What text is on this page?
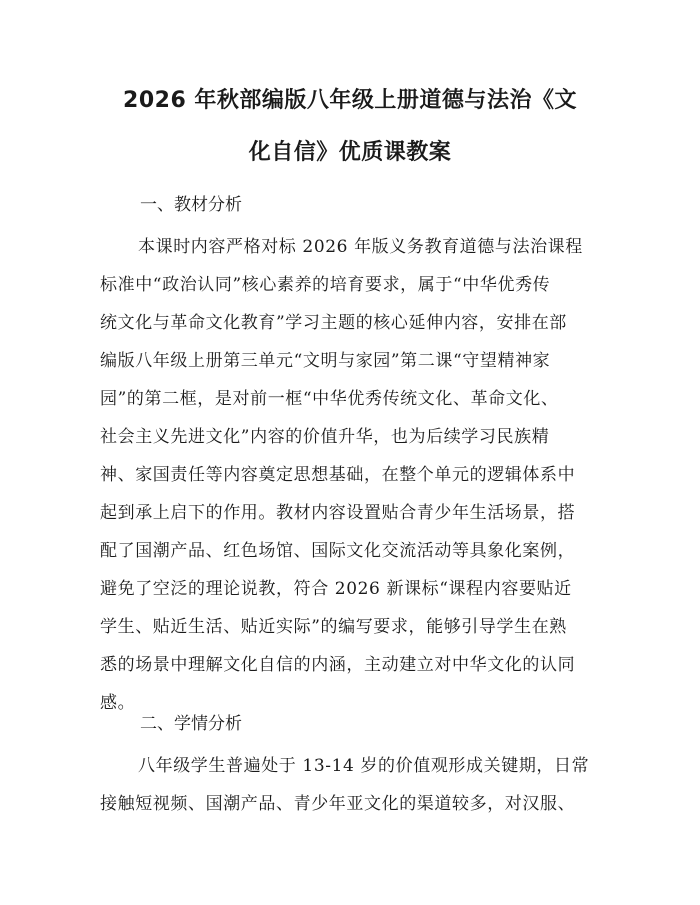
2026 年秋部编版八年级上册道德与法治《文
化自信》优质课教案
一、教材分析
本课时内容严格对标 2026 年版义务教育道德与法治课程
标准中“政治认同”核心素养的培育要求，属于“中华优秀传
统文化与革命文化教育”学习主题的核心延伸内容，安排在部
编版八年级上册第三单元“文明与家园”第二课“守望精神家
园”的第二框，是对前一框“中华优秀传统文化、革命文化、
社会主义先进文化”内容的价值升华，也为后续学习民族精
神、家国责任等内容奠定思想基础，在整个单元的逻辑体系中
起到承上启下的作用。教材内容设置贴合青少年生活场景，搭
配了国潮产品、红色场馆、国际文化交流活动等具象化案例，
避免了空泛的理论说教，符合 2026 新课标“课程内容要贴近
学生、贴近生活、贴近实际”的编写要求，能够引导学生在熟
悉的场景中理解文化自信的内涵，主动建立对中华文化的认同
感。
二、学情分析
八年级学生普遍处于 13-14 岁的价值观形成关键期，日常
接触短视频、国潮产品、青少年亚文化的渠道较多，对汉服、
